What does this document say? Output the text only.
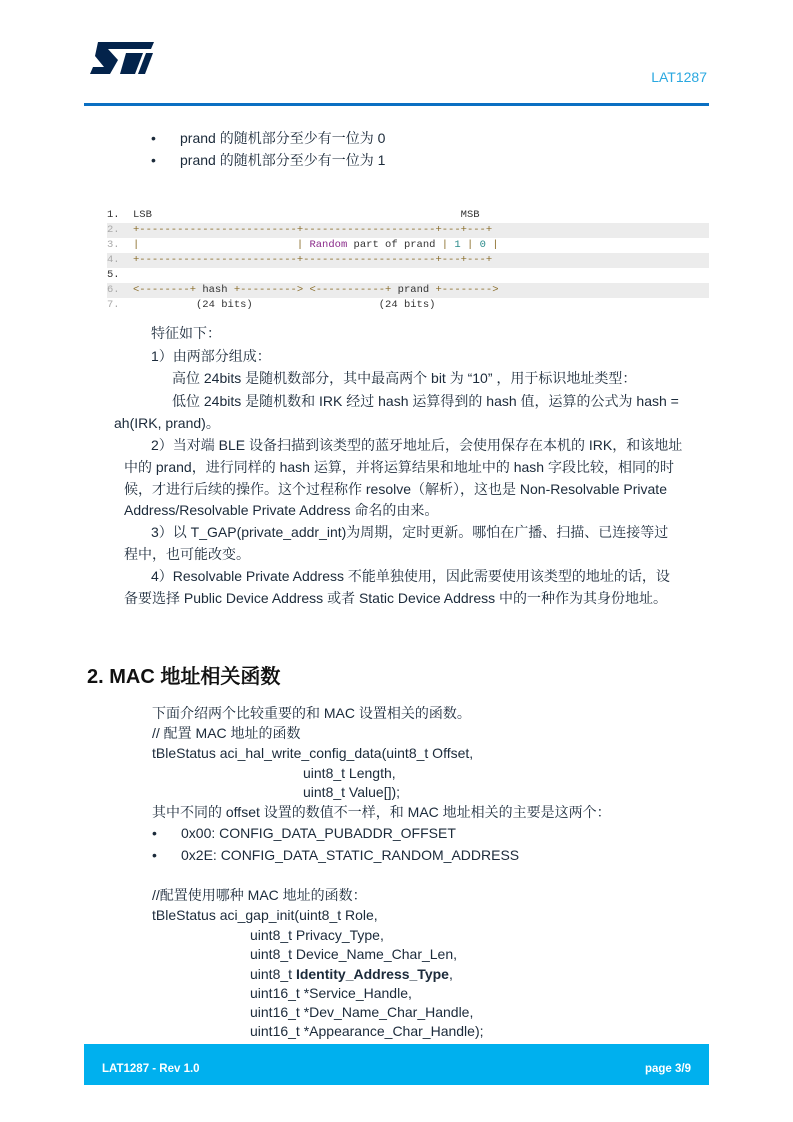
LAT1287
• prand 的随机部分至少有一位为 0
• prand 的随机部分至少有一位为 1
1. LSB                                                 MSB
2. +-------------------------+---------------------+---+---+
3. |                         | Random part of prand | 1 | 0 |
4. +-------------------------+---------------------+---+---+
5.
6. <--------+ hash +---------> <-----------+ prand +-------->
7.          (24 bits)                    (24 bits)
特征如下：
1）由两部分组成：
高位 24bits 是随机数部分，其中最高两个 bit 为 “10” ，用于标识地址类型：
低位 24bits 是随机数和 IRK 经过 hash 运算得到的 hash 值，运算的公式为 hash =
ah(IRK, prand)。
2）当对端 BLE 设备扫描到该类型的蓝牙地址后，会使用保存在本机的 IRK，和该地址
中的 prand，进行同样的 hash 运算，并将运算结果和地址中的 hash 字段比较，相同的时
候，才进行后续的操作。这个过程称作 resolve（解析），这也是 Non-Resolvable Private
Address/Resolvable Private Address 命名的由来。
3）以 T_GAP(private_addr_int)为周期，定时更新。哪怕在广播、扫描、已连接等过
程中，也可能改变。
4）Resolvable Private Address 不能单独使用，因此需要使用该类型的地址的话，设
备要选择 Public Device Address 或者 Static Device Address 中的一种作为其身份地址。
2. MAC 地址相关函数
下面介绍两个比较重要的和 MAC 设置相关的函数。
// 配置 MAC 地址的函数
tBleStatus aci_hal_write_config_data(uint8_t Offset,
uint8_t Length,
uint8_t Value[]);
其中不同的 offset 设置的数值不一样，和 MAC 地址相关的主要是这两个：
• 0x00: CONFIG_DATA_PUBADDR_OFFSET
• 0x2E: CONFIG_DATA_STATIC_RANDOM_ADDRESS
//配置使用哪种 MAC 地址的函数：
tBleStatus aci_gap_init(uint8_t Role,
uint8_t Privacy_Type,
uint8_t Device_Name_Char_Len,
uint8_t Identity_Address_Type,
uint16_t *Service_Handle,
uint16_t *Dev_Name_Char_Handle,
uint16_t *Appearance_Char_Handle);
LAT1287 - Rev 1.0	page 3/9
